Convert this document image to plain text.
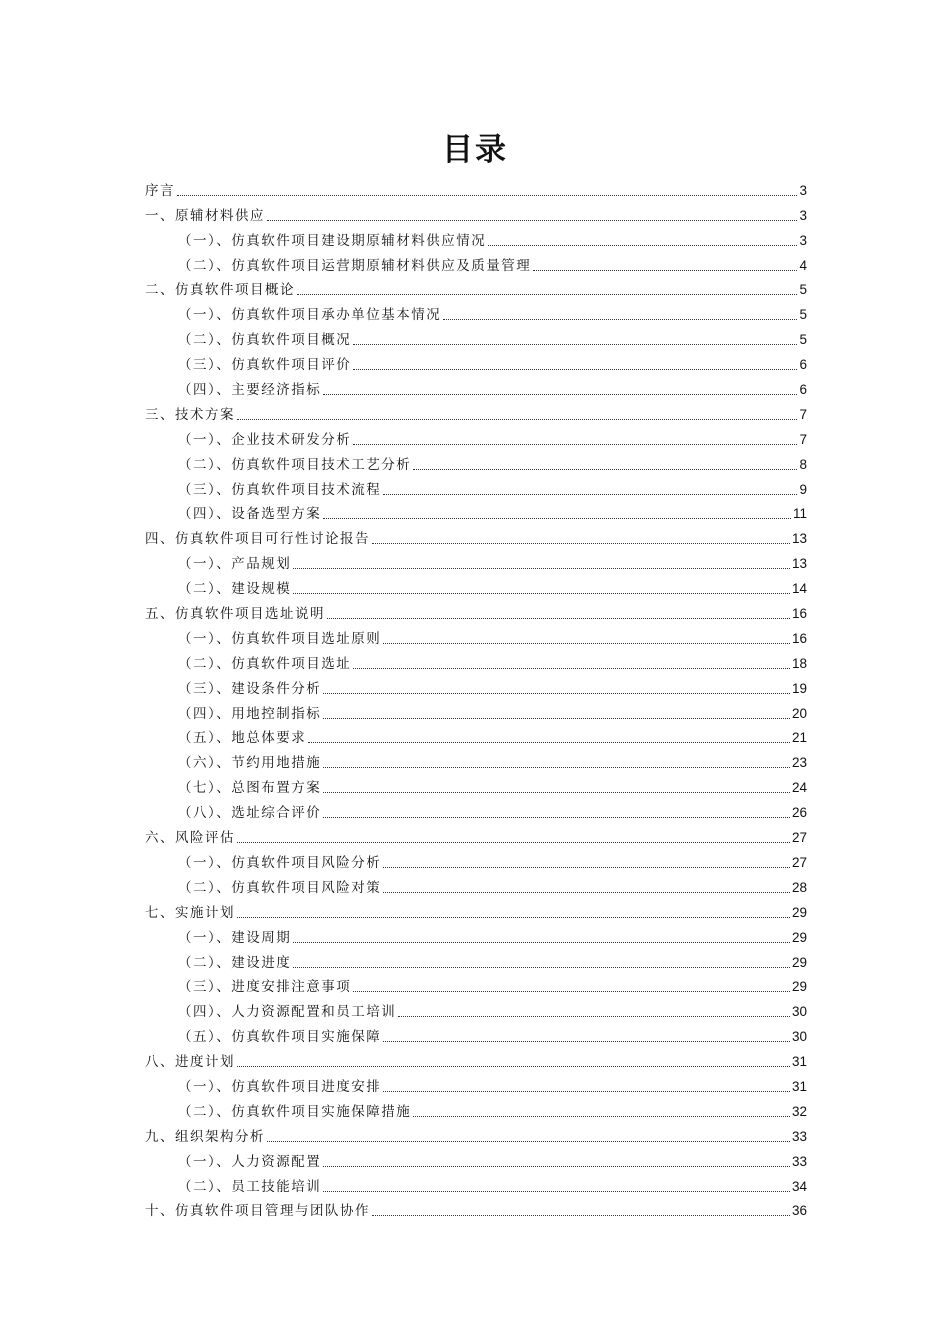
目录
序言	3
一、原辅材料供应	3
（一）、仿真软件项目建设期原辅材料供应情况	3
（二）、仿真软件项目运营期原辅材料供应及质量管理	4
二、仿真软件项目概论	5
（一）、仿真软件项目承办单位基本情况	5
（二）、仿真软件项目概况	5
（三）、仿真软件项目评价	6
（四）、主要经济指标	6
三、技术方案	7
（一）、企业技术研发分析	7
（二）、仿真软件项目技术工艺分析	8
（三）、仿真软件项目技术流程	9
（四）、设备选型方案	11
四、仿真软件项目可行性讨论报告	13
（一）、产品规划	13
（二）、建设规模	14
五、仿真软件项目选址说明	16
（一）、仿真软件项目选址原则	16
（二）、仿真软件项目选址	18
（三）、建设条件分析	19
（四）、用地控制指标	20
（五）、地总体要求	21
（六）、节约用地措施	23
（七）、总图布置方案	24
（八）、选址综合评价	26
六、风险评估	27
（一）、仿真软件项目风险分析	27
（二）、仿真软件项目风险对策	28
七、实施计划	29
（一）、建设周期	29
（二）、建设进度	29
（三）、进度安排注意事项	29
（四）、人力资源配置和员工培训	30
（五）、仿真软件项目实施保障	30
八、进度计划	31
（一）、仿真软件项目进度安排	31
（二）、仿真软件项目实施保障措施	32
九、组织架构分析	33
（一）、人力资源配置	33
（二）、员工技能培训	34
十、仿真软件项目管理与团队协作	36
